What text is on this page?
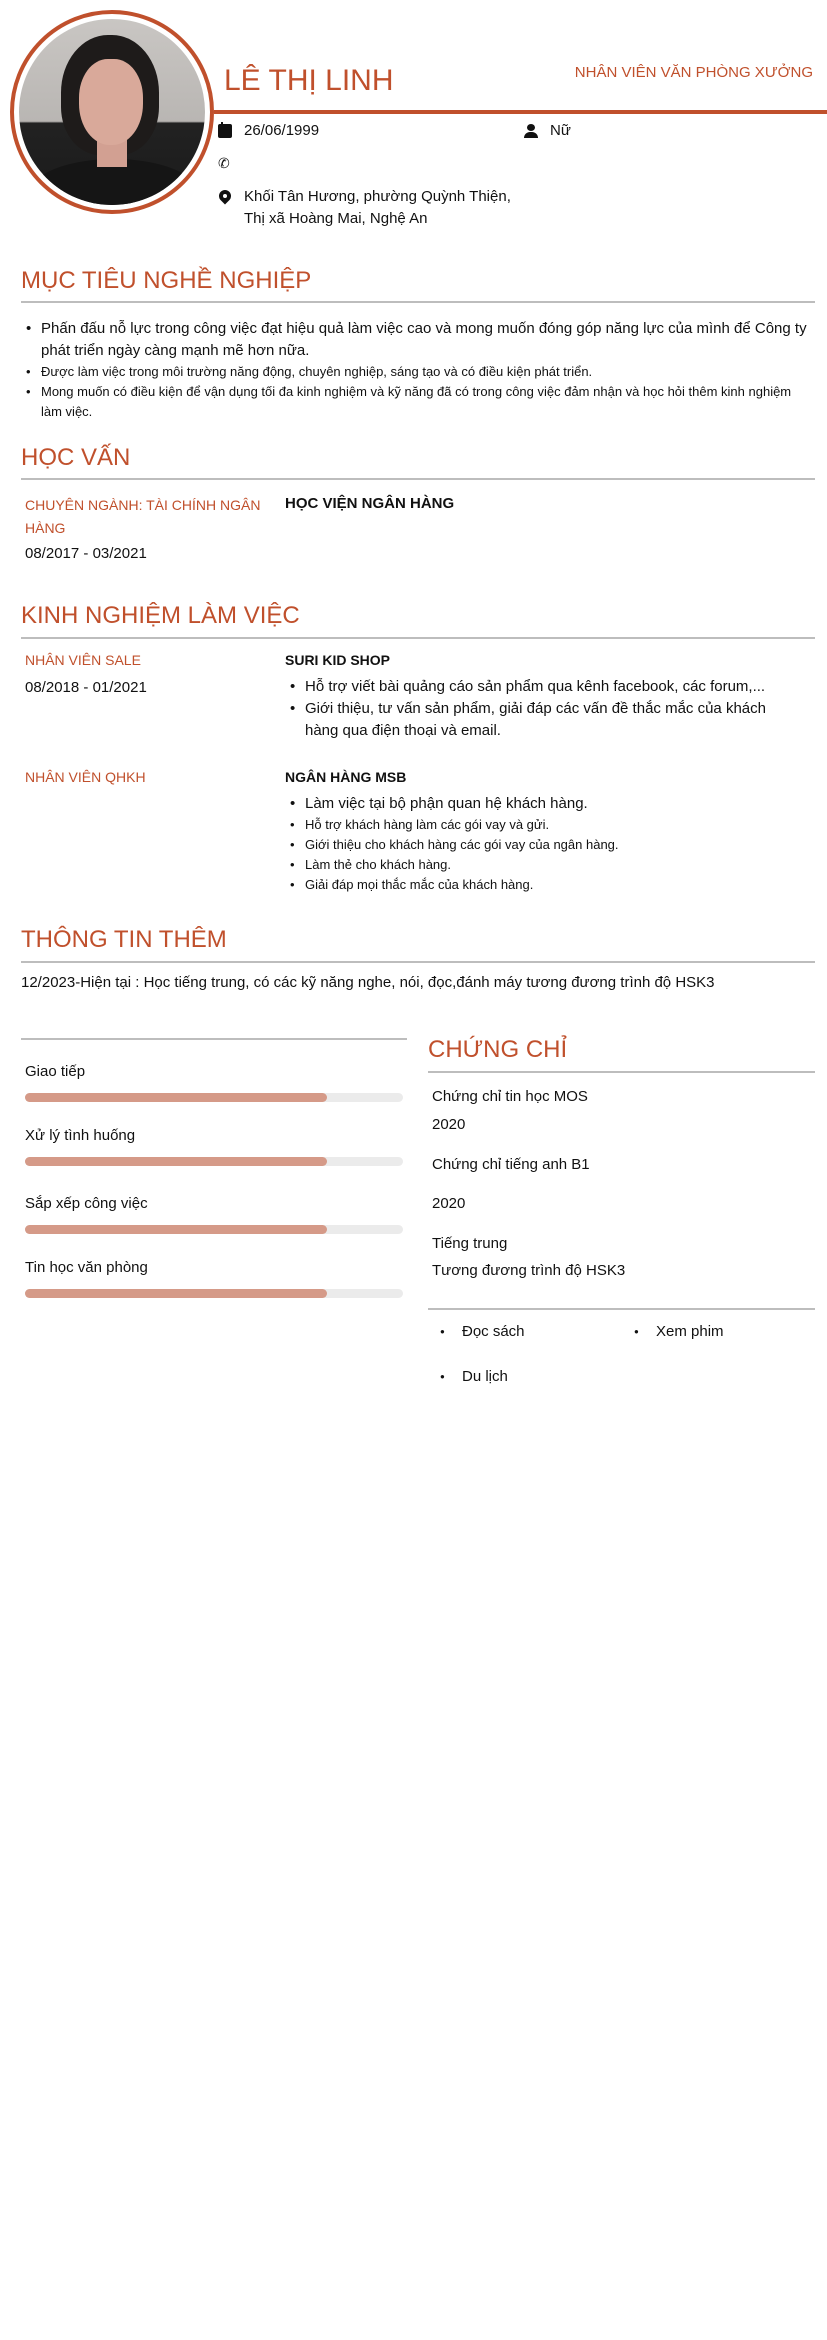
LÊ THỊ LINH	NHÂN VIÊN VĂN PHÒNG XƯỞNG
26/06/1999	Nữ
✆
Khối Tân Hương, phường Quỳnh Thiện,
Thị xã Hoàng Mai, Nghệ An
MỤC TIÊU NGHỀ NGHIỆP
• Phấn đấu nỗ lực trong công việc đạt hiệu quả làm việc cao và mong muốn đóng góp năng lực của mình để Công ty phát triển ngày càng mạnh mẽ hơn nữa.
• Được làm việc trong môi trường năng động, chuyên nghiệp, sáng tạo và có điều kiện phát triển.
• Mong muốn có điều kiện để vận dụng tối đa kinh nghiệm và kỹ năng đã có trong công việc đảm nhận và học hỏi thêm kinh nghiệm làm việc.
HỌC VẤN
CHUYÊN NGÀNH: TÀI CHÍNH NGÂN HÀNG
08/2017 - 03/2021
HỌC VIỆN NGÂN HÀNG
KINH NGHIỆM LÀM VIỆC
NHÂN VIÊN SALE
08/2018 - 01/2021
SURI KID SHOP
• Hỗ trợ viết bài quảng cáo sản phẩm qua kênh facebook, các forum,...
• Giới thiệu, tư vấn sản phẩm, giải đáp các vấn đề thắc mắc của khách hàng qua điện thoại và email.
NHÂN VIÊN QHKH	NGÂN HÀNG MSB
• Làm việc tại bộ phận quan hệ khách hàng.
• Hỗ trợ khách hàng làm các gói vay và gửi.
• Giới thiệu cho khách hàng các gói vay của ngân hàng.
• Làm thẻ cho khách hàng.
• Giải đáp mọi thắc mắc của khách hàng.
THÔNG TIN THÊM
12/2023-Hiện tại : Học tiếng trung, có các kỹ năng nghe, nói, đọc,đánh máy tương đương trình độ HSK3
Giao tiếp
Xử lý tình huống
Sắp xếp công việc
Tin học văn phòng
CHỨNG CHỈ
Chứng chỉ tin học MOS
2020
Chứng chỉ tiếng anh B1
2020
Tiếng trung
Tương đương trình độ HSK3
● Đọc sách
●	Xem phim
● Du lịch
